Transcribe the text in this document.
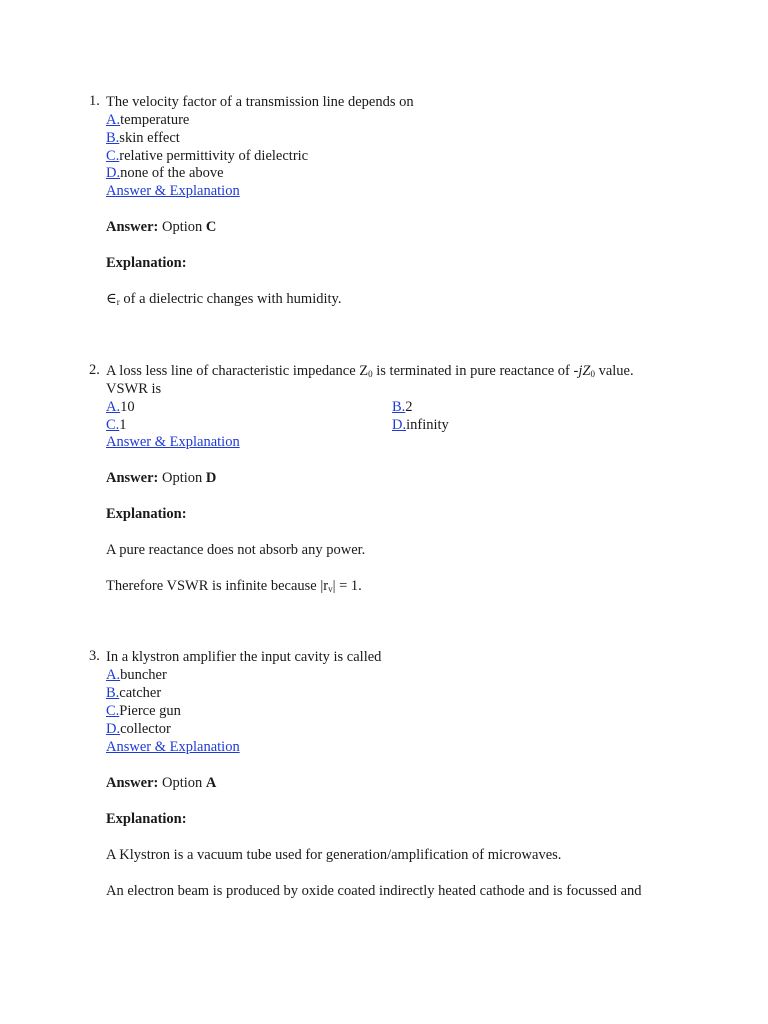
1. The velocity factor of a transmission line depends on
A.temperature
B.skin effect
C.relative permittivity of dielectric
D.none of the above
Answer & Explanation
Answer: Option C
Explanation:
$\in_r$ of a dielectric changes with humidity.
2. A loss less line of characteristic impedance $Z_0$ is terminated in pure reactance of $-jZ_0$ value.
VSWR is
A.10	B.2
C.1	D.infinity
Answer & Explanation
Answer: Option D
Explanation:
A pure reactance does not absorb any power.
Therefore VSWR is infinite because $|r_v| = 1$.
3. In a klystron amplifier the input cavity is called
A.buncher
B.catcher
C.Pierce gun
D.collector
Answer & Explanation
Answer: Option A
Explanation:
A Klystron is a vacuum tube used for generation/amplification of microwaves.
An electron beam is produced by oxide coated indirectly heated cathode and is focussed and
